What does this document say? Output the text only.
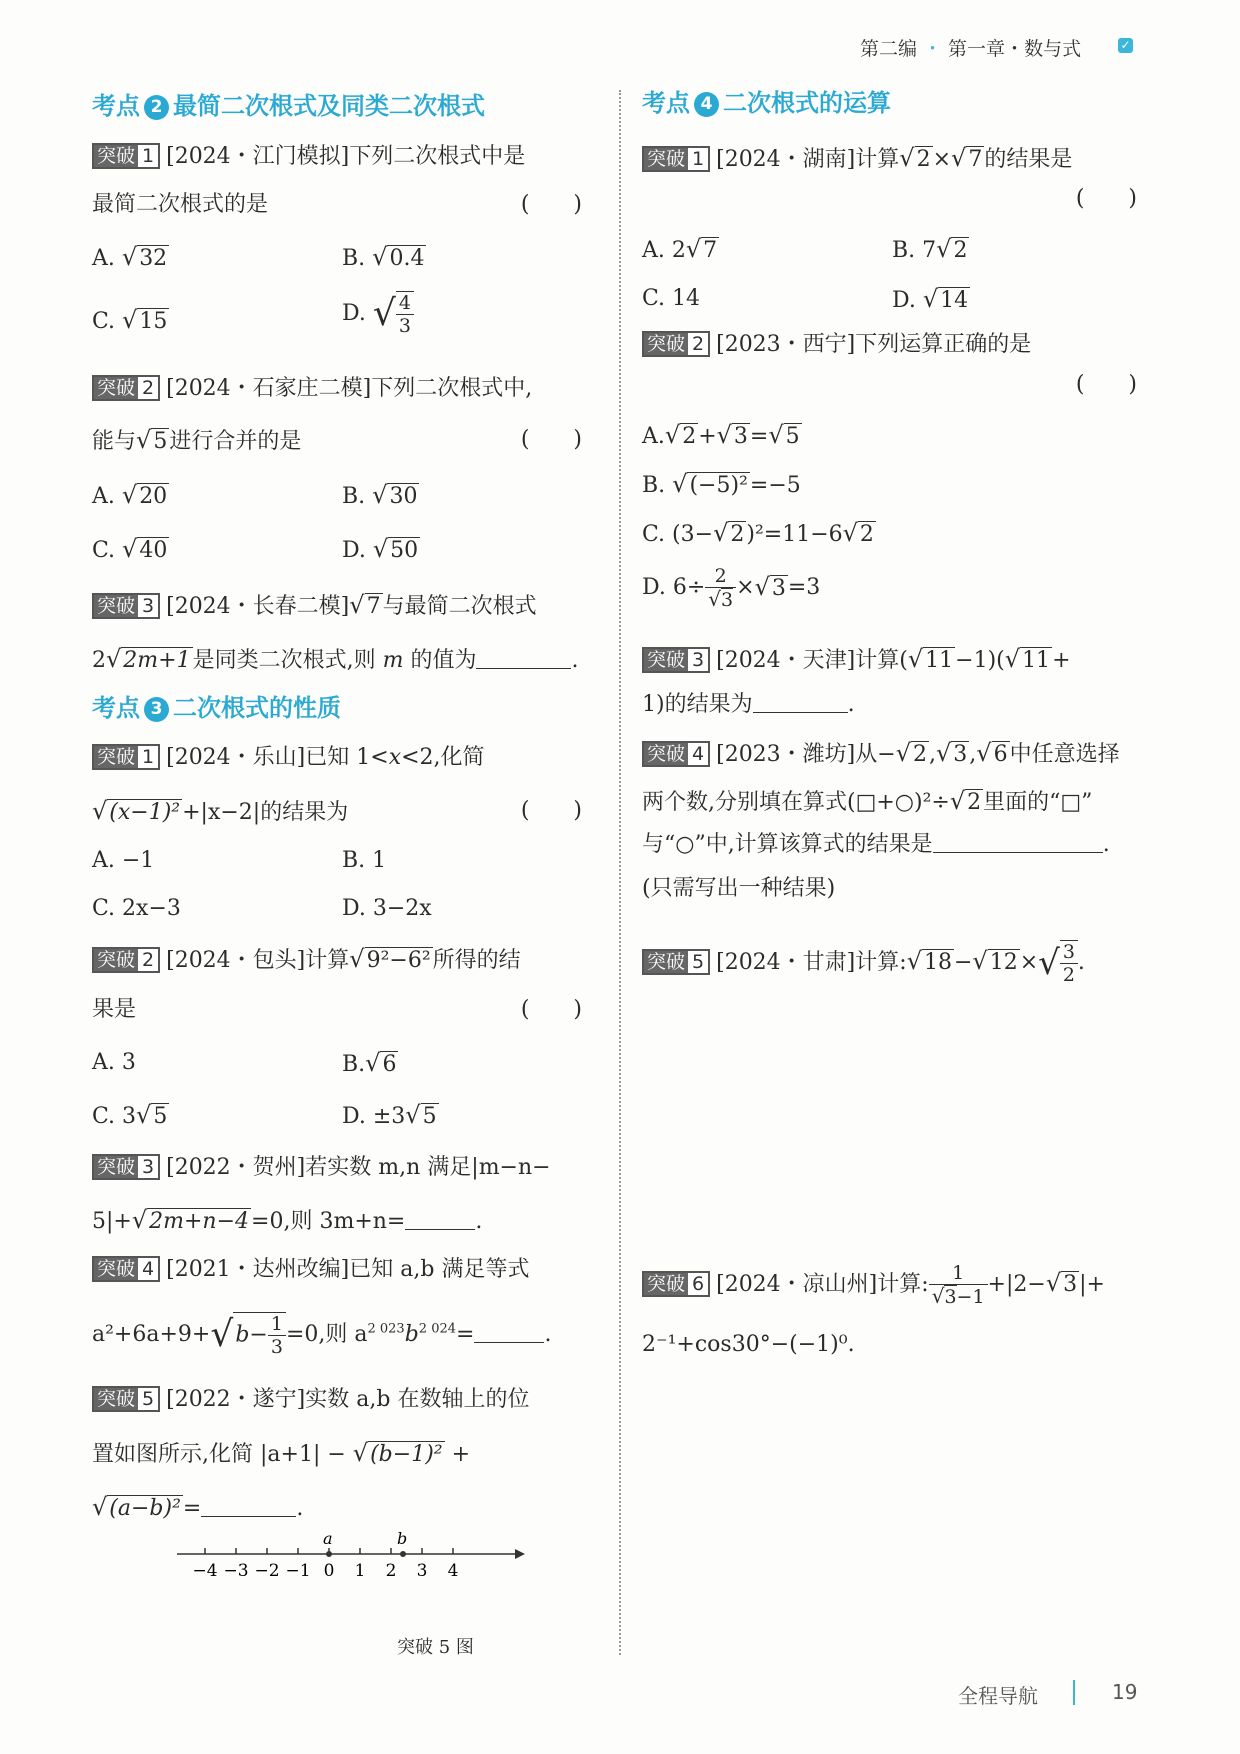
第二编 ・ 第一章・数与式	✓
考点 2 最简二次根式及同类二次根式
突破 1 [2024・江门模拟]下列二次根式中是
最简二次根式的是	(　　)
A. √32	B. √0.4
C. √15	D. √ $\frac{4}{3}$
突破 2 [2024・石家庄二模]下列二次根式中,
能与√5进行合并的是	(　　)
A. √20	B. √30
C. √40	D. √50
突破 3 [2024・长春二模]√7与最简二次根式
2√2m+1是同类二次根式,则 m 的值为	.
考点 3 二次根式的性质
突破 1 [2024・乐山]已知 1<x<2,化简
√(x−1)²+|x−2|的结果为	(　　)
A. −1	B. 1
C. 2x−3	D. 3−2x
突破 2 [2024・包头]计算√9²−6²所得的结
果是	(　　)
A. 3	B.√6
C. 3√5	D. ±3√5
突破 3 [2022・贺州]若实数 m,n 满足|m−n−
5|+√2m+n−4=0,则 3m+n=	.
突破 4 [2021・达州改编]已知 a,b 满足等式
$a^2+6a+9+√b- \frac{1}{3} =0$,则 $a^{2 023}b^{2 024}=$	.
突破 5 [2022・遂宁]实数 a,b 在数轴上的位
置如图所示,化简 |a+1| − √(b−1)² +
√(a−b)²=	.
突破 5 图
−4 −3 −2 −1 0 1 2 3 4
a	b
考点 4 二次根式的运算
突破 1 [2024・湖南]计算√2×√7的结果是
(　　)
A. 2√7	B. 7√2
C. 14	D. √14
突破 2 [2023・西宁]下列运算正确的是
(　　)
A.√2+√3=√5
B. √(−5)²=−5
C. (3−√2)²=11−6√2
D. $6\div \frac{2}{√3} \times√3=3$
突破 3 [2024・天津]计算(√11−1)(√11+
1)的结果为	.
突破 4 [2023・潍坊]从−√2,√3,√6中任意选择
两个数,分别填在算式(□+○)²÷√2里面的“□”
与“○”中,计算该算式的结果是	.
(只需写出一种结果)
突破 5 [2024・甘肃]计算:√18−√12×√ $\frac{3}{2}$ .
突破 6 [2024・凉山州]计算: $\frac{1}{√3-1} +|2-√3|+$
2⁻¹+cos30°−(−1)⁰.
全程导航	19
